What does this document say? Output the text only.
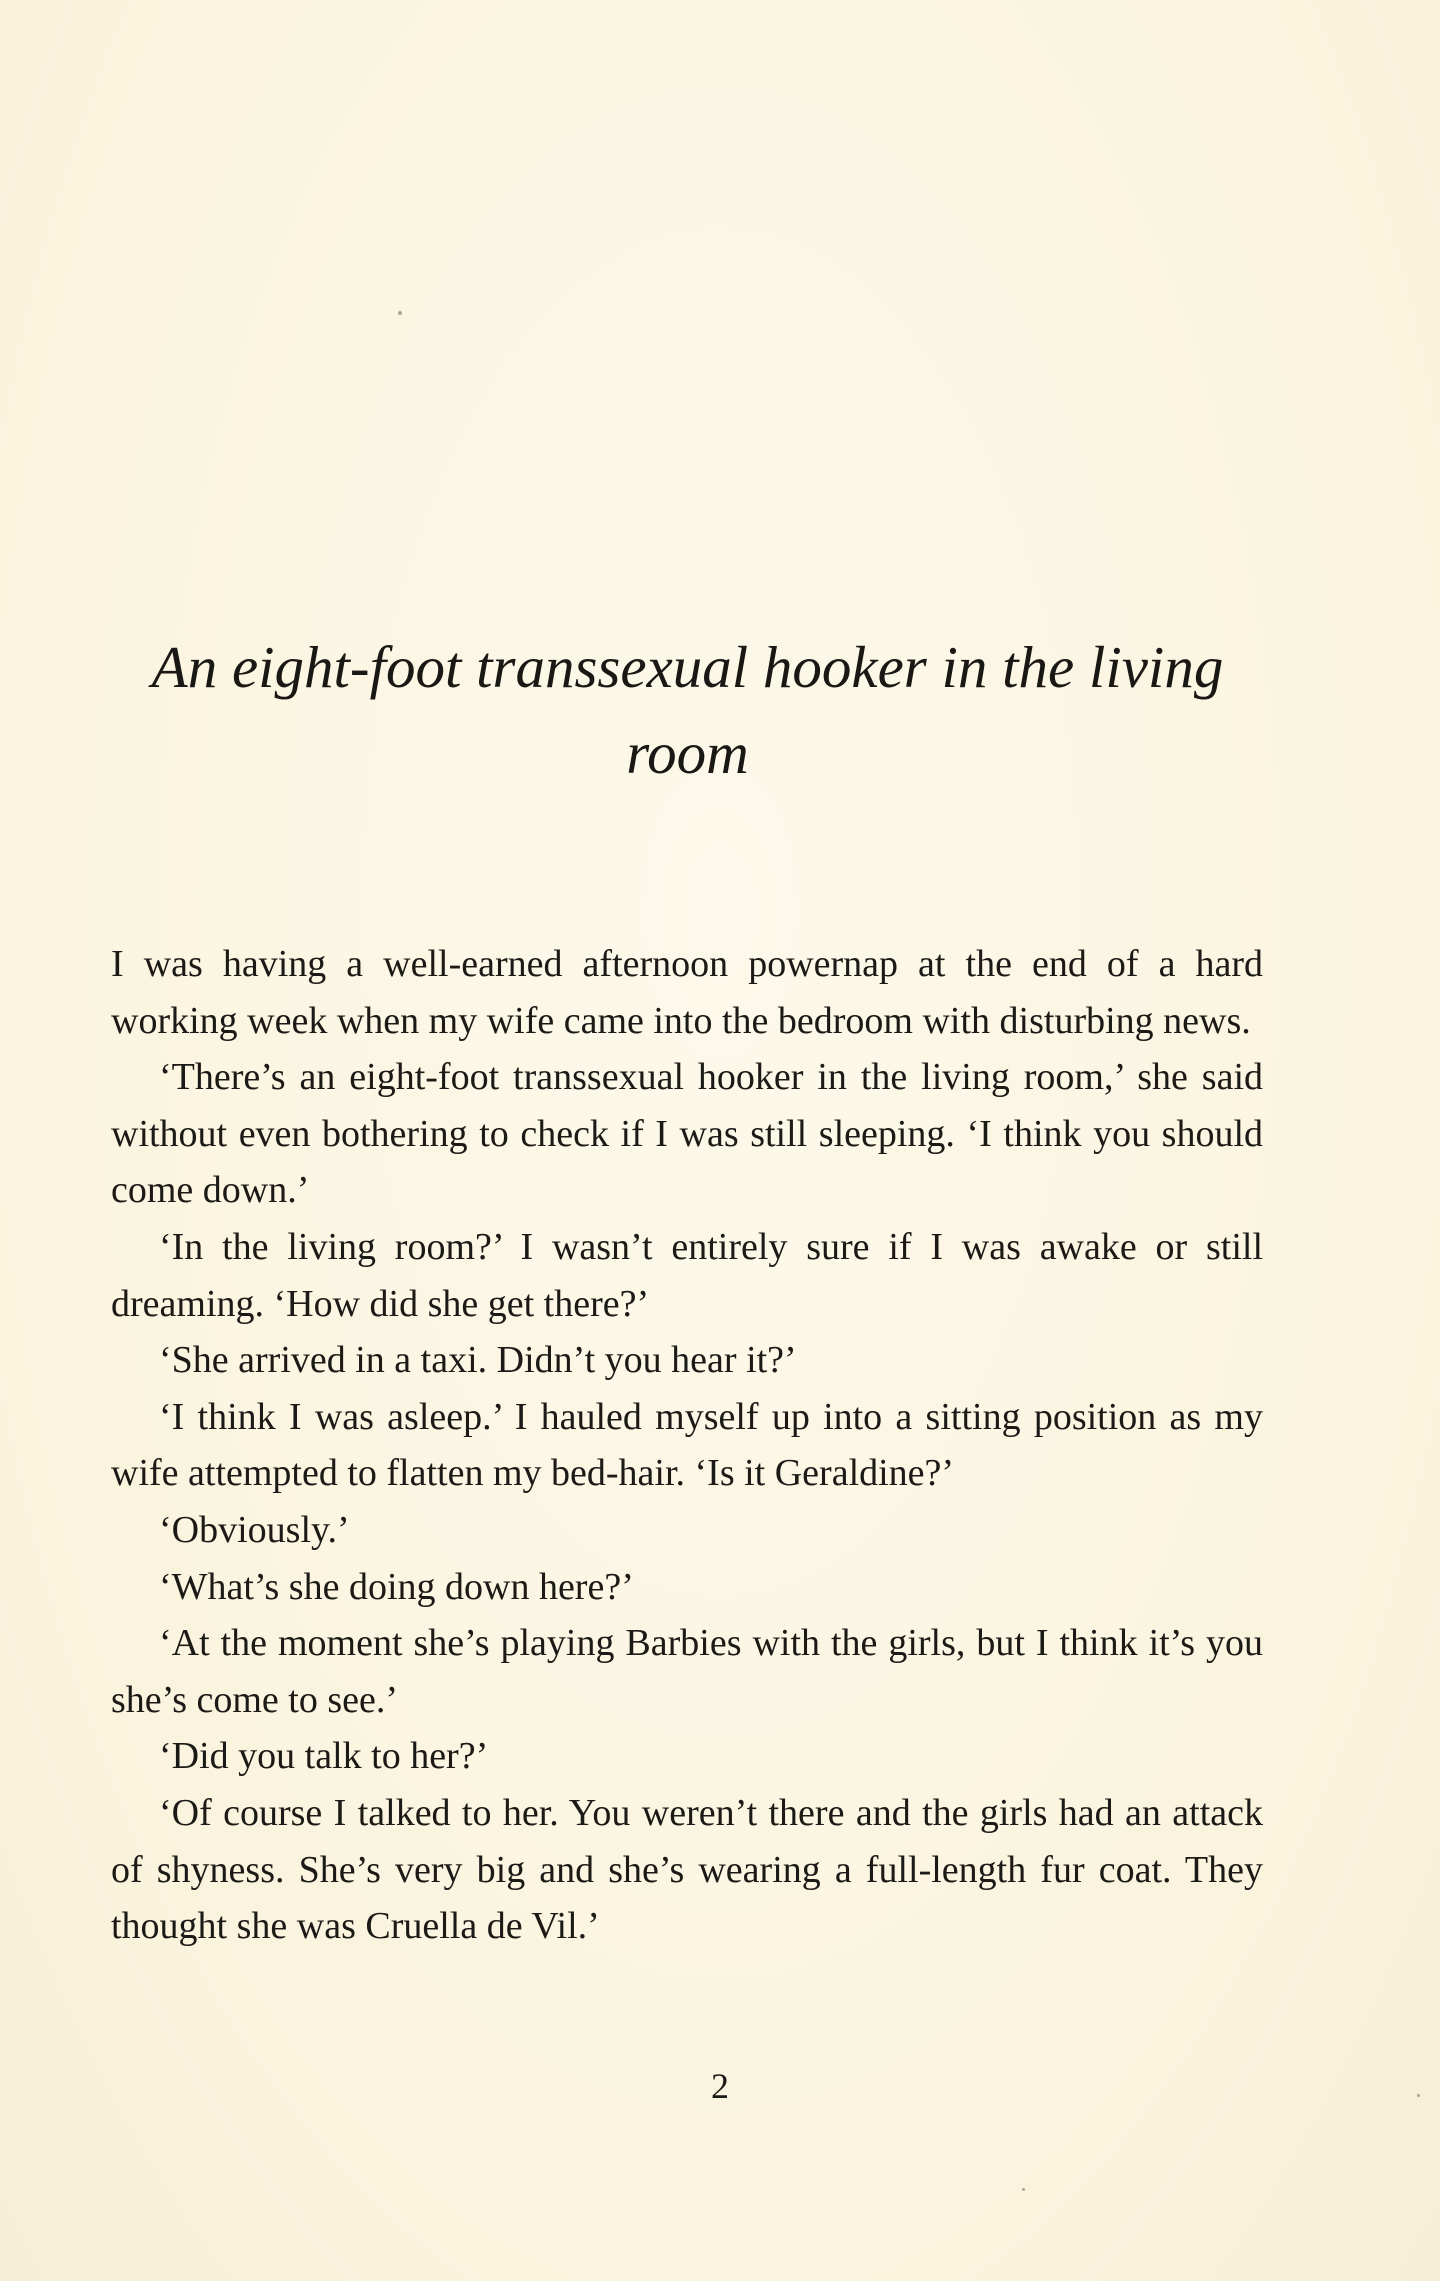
An eight-foot transsexual hooker in the living room

I was having a well-earned afternoon powernap at the end of a hard working week when my wife came into the bedroom with disturbing news.

‘There’s an eight-foot transsexual hooker in the living room,’ she said without even bothering to check if I was still sleeping. ‘I think you should come down.’

‘In the living room?’ I wasn’t entirely sure if I was awake or still dreaming. ‘How did she get there?’

‘She arrived in a taxi. Didn’t you hear it?’

‘I think I was asleep.’ I hauled myself up into a sitting position as my wife attempted to flatten my bed-hair. ‘Is it Geraldine?’

‘Obviously.’

‘What’s she doing down here?’

‘At the moment she’s playing Barbies with the girls, but I think it’s you she’s come to see.’

‘Did you talk to her?’

‘Of course I talked to her. You weren’t there and the girls had an attack of shyness. She’s very big and she’s wearing a full-length fur coat. They thought she was Cruella de Vil.’

2
